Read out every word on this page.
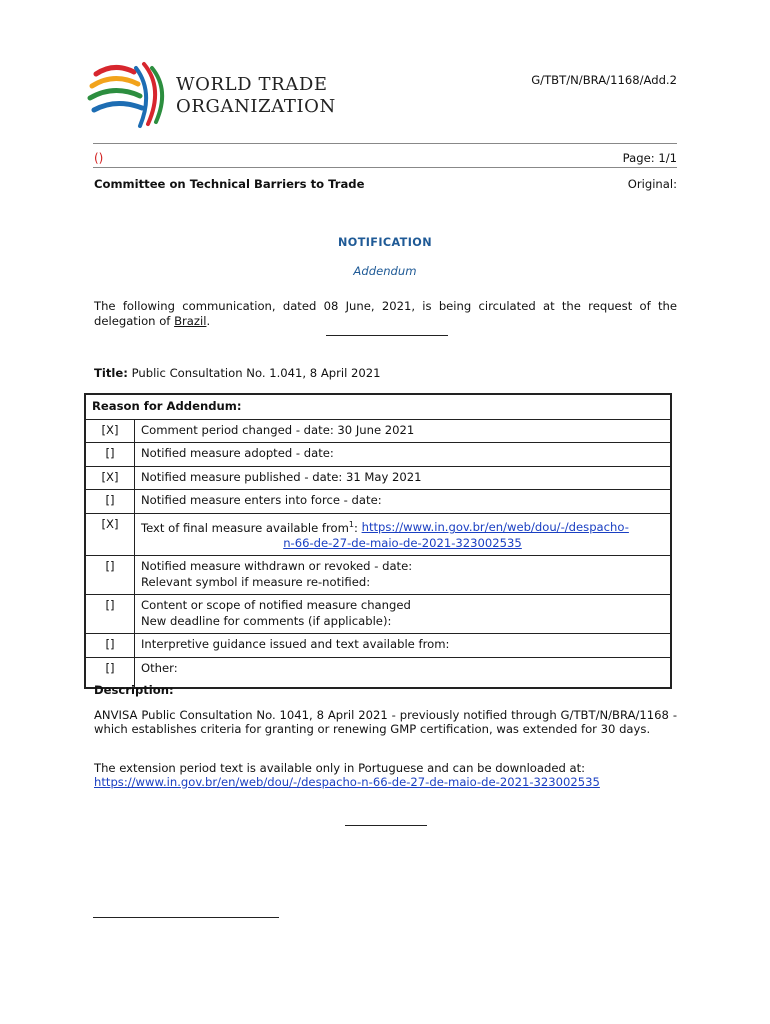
WORLD TRADE
ORGANIZATION
G/TBT/N/BRA/1168/Add.2
()	Page: 1/1
Committee on Technical Barriers to Trade	Original:
NOTIFICATION
Addendum
The following communication, dated 08 June, 2021, is being circulated at the request of the delegation of Brazil.
Title: Public Consultation No. 1.041, 8 April 2021
Reason for Addendum:	
[X]	Comment period changed - date: 30 June 2021
[]	Notified measure adopted - date:
[X]	Notified measure published - date: 31 May 2021
[]	Notified measure enters into force - date:
[X]	Text of final measure available from$^1$: https://www.in.gov.br/en/web/dou/-/despacho-
n-66-de-27-de-maio-de-2021-323002535

[]	Notified measure withdrawn or revoked - date:
Relevant symbol if measure re-notified:

[]	Content or scope of notified measure changed
New deadline for comments (if applicable):

[]	Interpretive guidance issued and text available from:
[]	Other:
Description:
ANVISA Public Consultation No. 1041, 8 April 2021 - previously notified through G/TBT/N/BRA/1168 - which establishes criteria for granting or renewing GMP certification, was extended for 30 days.
The extension period text is available only in Portuguese and can be downloaded at:
https://www.in.gov.br/en/web/dou/-/despacho-n-66-de-27-de-maio-de-2021-323002535
